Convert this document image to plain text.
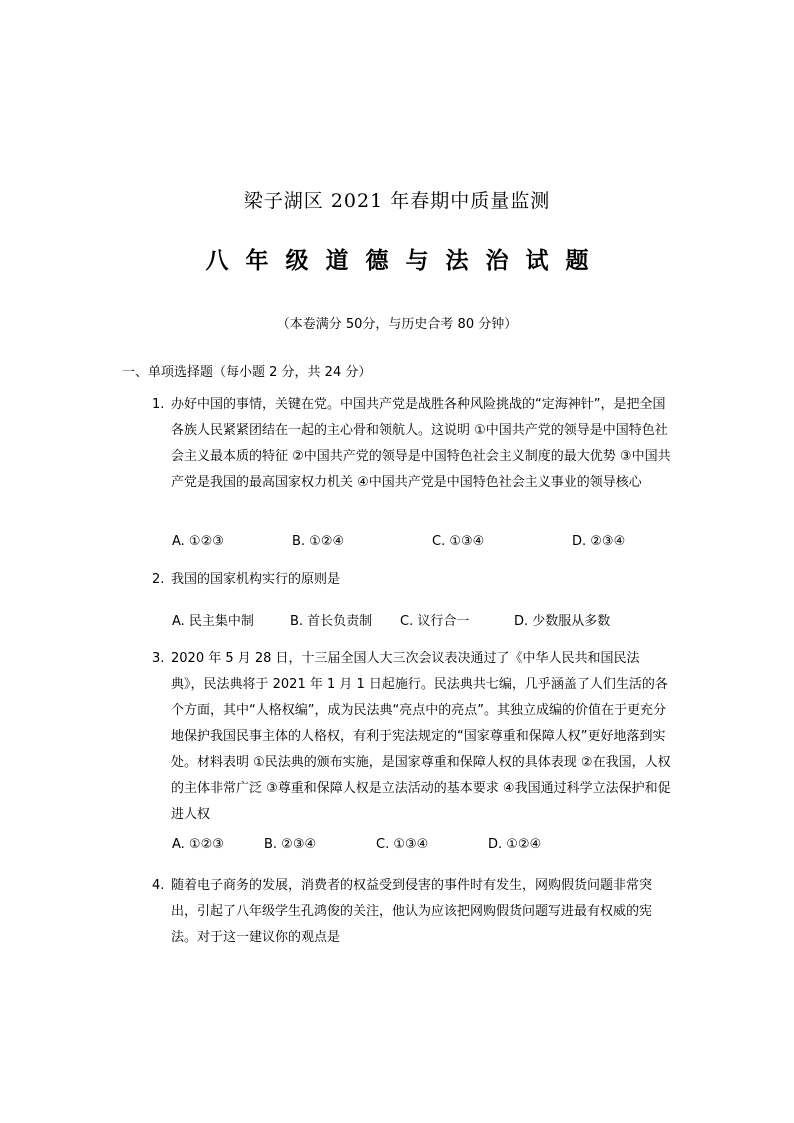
梁子湖区 2021 年春期中质量监测
八年级道德与法治试题
（本卷满分 50分，与历史合考 80 分钟）
一、单项选择题（每小题 2 分，共 24 分）
1. 办好中国的事情，关键在党。中国共产党是战胜各种风险挑战的“定海神针”，是把全国各族人民紧紧团结在一起的主心骨和领航人。这说明 ①中国共产党的领导是中国特色社会主义最本质的特征 ②中国共产党的领导是中国特色社会主义制度的最大优势 ③中国共产党是我国的最高国家权力机关 ④中国共产党是中国特色社会主义事业的领导核心
A. ①②③	B. ①②④	C. ①③④	D. ②③④
2. 我国的国家机构实行的原则是
A. 民主集中制	B. 首长负责制 C. 议行合一	D. 少数服从多数
3. 2020 年 5 月 28 日，十三届全国人大三次会议表决通过了《中华人民共和国民法典》，民法典将于 2021 年 1 月 1 日起施行。民法典共七编，几乎涵盖了人们生活的各个方面，其中“人格权编”，成为民法典“亮点中的亮点”。其独立成编的价值在于更充分地保护我国民事主体的人格权，有利于宪法规定的“国家尊重和保障人权”更好地落到实处。材料表明 ①民法典的颁布实施，是国家尊重和保障人权的具体表现 ②在我国，人权的主体非常广泛 ③尊重和保障人权是立法活动的基本要求 ④我国通过科学立法保护和促进人权
A. ①②③	B. ②③④	C. ①③④	D. ①②④
4. 随着电子商务的发展，消费者的权益受到侵害的事件时有发生，网购假货问题非常突出，引起了八年级学生孔鸿俊的关注，他认为应该把网购假货问题写进最有权威的宪法。对于这一建议你的观点是
